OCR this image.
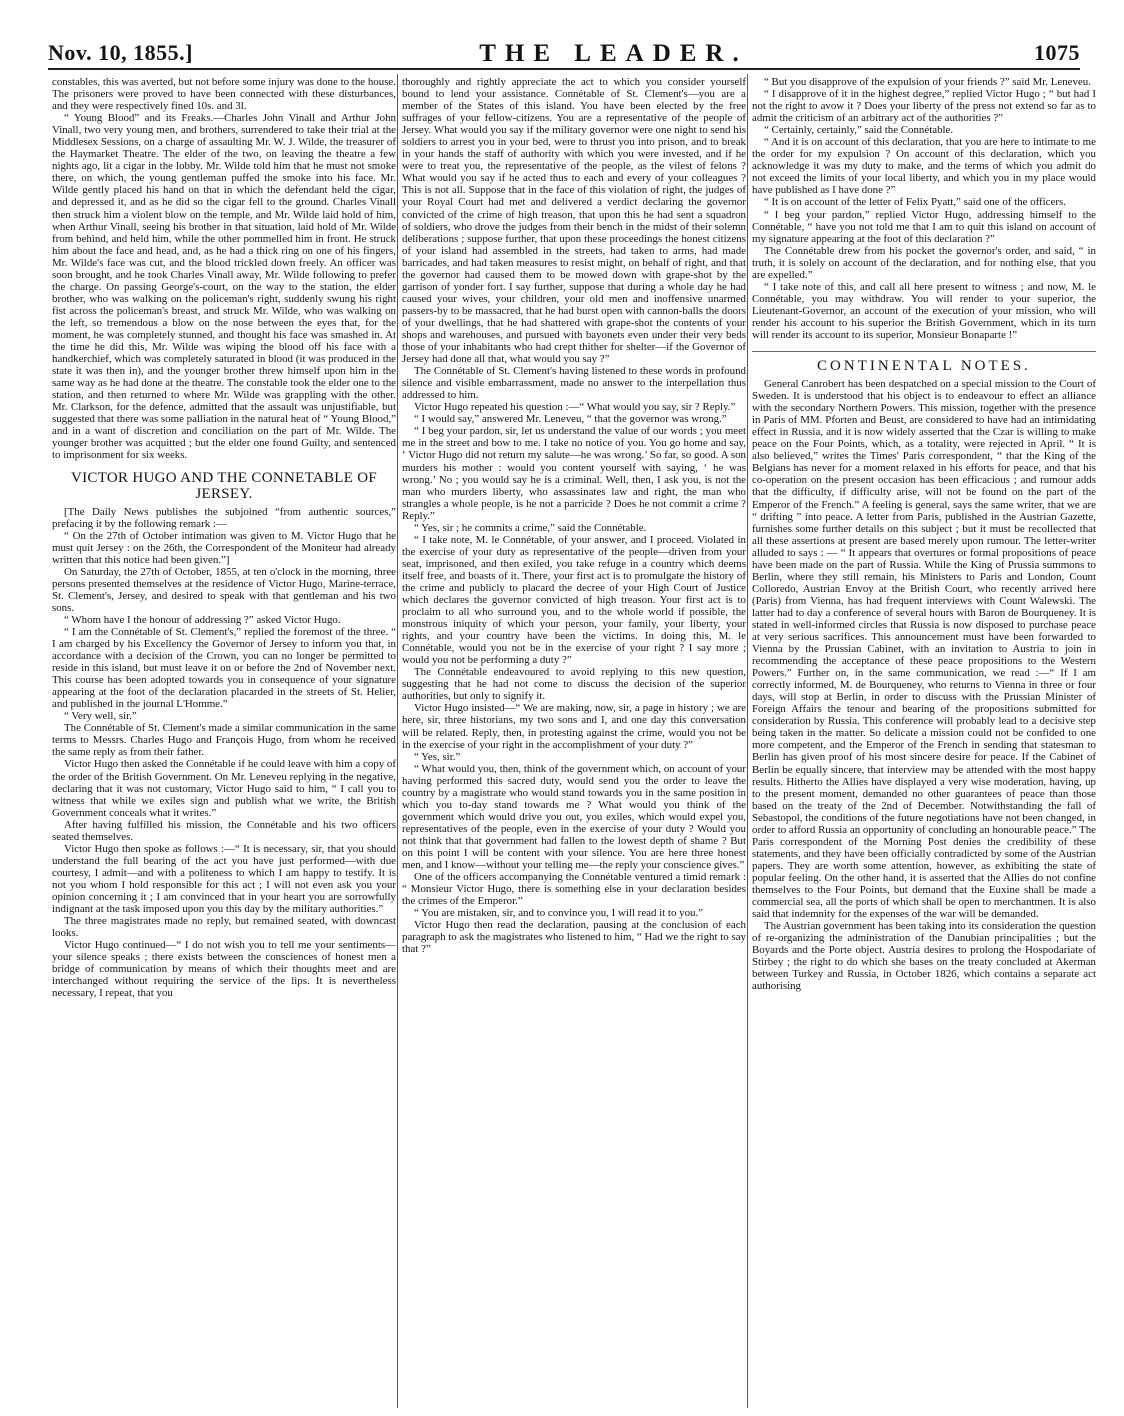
Nov. 10, 1855.]	THE LEADER.	1075

constables, this was averted, but not before some injury was done to the house. The prisoners were proved to have been connected with these disturbances, and they were respectively fined 10s. and 3l.

“ Young Blood” and its Freaks.—Charles John Vinall and Arthur John Vinall, two very young men, and brothers, surrendered to take their trial at the Middlesex Sessions, on a charge of assaulting Mr. W. J. Wilde, the treasurer of the Haymarket Theatre. The elder of the two, on leaving the theatre a few nights ago, lit a cigar in the lobby. Mr. Wilde told him that he must not smoke there, on which, the young gentleman puffed the smoke into his face. Mr. Wilde gently placed his hand on that in which the defendant held the cigar, and depressed it, and as he did so the cigar fell to the ground. Charles Vinall then struck him a violent blow on the temple, and Mr. Wilde laid hold of him, when Arthur Vinall, seeing his brother in that situation, laid hold of Mr. Wilde from behind, and held him, while the other pommelled him in front. He struck him about the face and head, and, as he had a thick ring on one of his fingers, Mr. Wilde's face was cut, and the blood trickled down freely. An officer was soon brought, and he took Charles Vinall away, Mr. Wilde following to prefer the charge. On passing George's-court, on the way to the station, the elder brother, who was walking on the policeman's right, suddenly swung his right fist across the policeman's breast, and struck Mr. Wilde, who was walking on the left, so tremendous a blow on the nose between the eyes that, for the moment, he was completely stunned, and thought his face was smashed in. At the time he did this, Mr. Wilde was wiping the blood off his face with a handkerchief, which was completely saturated in blood (it was produced in the state it was then in), and the younger brother threw himself upon him in the same way as he had done at the theatre. The constable took the elder one to the station, and then returned to where Mr. Wilde was grappling with the other. Mr. Clarkson, for the defence, admitted that the assault was unjustifiable, but suggested that there was some palliation in the natural heat of “ Young Blood,” and in a want of discretion and conciliation on the part of Mr. Wilde. The younger brother was acquitted ; but the elder one found Guilty, and sentenced to imprisonment for six weeks.

VICTOR HUGO AND THE CONNETABLE OF JERSEY.

[The Daily News publishes the subjoined “from authentic sources,” prefacing it by the following remark :—

“ On the 27th of October intimation was given to M. Victor Hugo that he must quit Jersey : on the 26th, the Correspondent of the Moniteur had already written that this notice had been given.”]

On Saturday, the 27th of October, 1855, at ten o'clock in the morning, three persons presented themselves at the residence of Victor Hugo, Marine-terrace, St. Clement's, Jersey, and desired to speak with that gentleman and his two sons.

“ Whom have I the honour of addressing ?” asked Victor Hugo.

“ I am the Connétable of St. Clement's,” replied the foremost of the three. “ I am charged by his Excellency the Governor of Jersey to inform you that, in accordance with a decision of the Crown, you can no longer be permitted to reside in this island, but must leave it on or before the 2nd of November next. This course has been adopted towards you in consequence of your signature appearing at the foot of the declaration placarded in the streets of St. Helier, and published in the journal L'Homme.”

“ Very well, sir.”

The Connétable of St. Clement's made a similar communication in the same terms to Messrs. Charles Hugo and François Hugo, from whom he received the same reply as from their father.

Victor Hugo then asked the Connétable if he could leave with him a copy of the order of the British Government. On Mr. Leneveu replying in the negative, declaring that it was not customary, Victor Hugo said to him, “ I call you to witness that while we exiles sign and publish what we write, the British Government conceals what it writes.”

After having fulfilled his mission, the Connétable and his two officers seated themselves.

Victor Hugo then spoke as follows :—“ It is necessary, sir, that you should understand the full bearing of the act you have just performed—with due courtesy, I admit—and with a politeness to which I am happy to testify. It is not you whom I hold responsible for this act ; I will not even ask you your opinion concerning it ; I am convinced that in your heart you are sorrowfully indignant at the task imposed upon you this day by the military authorities.”

The three magistrates made no reply, but remained seated, with downcast looks.

Victor Hugo continued—“ I do not wish you to tell me your sentiments—your silence speaks ; there exists between the consciences of honest men a bridge of communication by means of which their thoughts meet and are interchanged without requiring the service of the lips. It is nevertheless necessary, I repeat, that you

thoroughly and rightly appreciate the act to which you consider yourself bound to lend your assistance. Connétable of St. Clement's—you are a member of the States of this island. You have been elected by the free suffrages of your fellow-citizens. You are a representative of the people of Jersey. What would you say if the military governor were one night to send his soldiers to arrest you in your bed, were to thrust you into prison, and to break in your hands the staff of authority with which you were invested, and if he were to treat you, the representative of the people, as the vilest of felons ? What would you say if he acted thus to each and every of your colleagues ? This is not all. Suppose that in the face of this violation of right, the judges of your Royal Court had met and delivered a verdict declaring the governor convicted of the crime of high treason, that upon this he had sent a squadron of soldiers, who drove the judges from their bench in the midst of their solemn deliberations ; suppose further, that upon these proceedings the honest citizens of your island had assembled in the streets, had taken to arms, had made barricades, and had taken measures to resist might, on behalf of right, and that the governor had caused them to be mowed down with grape-shot by the garrison of yonder fort. I say further, suppose that during a whole day he had caused your wives, your children, your old men and inoffensive unarmed passers-by to be massacred, that he had burst open with cannon-balls the doors of your dwellings, that he had shattered with grape-shot the contents of your shops and warehouses, and pursued with bayonets even under their very beds those of your inhabitants who had crept thither for shelter—if the Governor of Jersey had done all that, what would you say ?”

The Connétable of St. Clement's having listened to these words in profound silence and visible embarrassment, made no answer to the interpellation thus addressed to him.

Victor Hugo repeated his question :—“ What would you say, sir ? Reply.”

“ I would say,” answered Mr. Leneveu, “ that the governor was wrong.”

“ I beg your pardon, sir, let us understand the value of our words ; you meet me in the street and bow to me. I take no notice of you. You go home and say, ‘ Victor Hugo did not return my salute—he was wrong.’ So far, so good. A son murders his mother : would you content yourself with saying, ‘ he was wrong.’ No ; you would say he is a criminal. Well, then, I ask you, is not the man who murders liberty, who assassinates law and right, the man who strangles a whole people, is he not a parricide ? Does he not commit a crime ? Reply.”

“ Yes, sir ; he commits a crime,” said the Connétable.

“ I take note, M. le Connétable, of your answer, and I proceed. Violated in the exercise of your duty as representative of the people—driven from your seat, imprisoned, and then exiled, you take refuge in a country which deems itself free, and boasts of it. There, your first act is to promulgate the history of the crime and publicly to placard the decree of your High Court of Justice which declares the governor convicted of high treason. Your first act is to proclaim to all who surround you, and to the whole world if possible, the monstrous iniquity of which your person, your family, your liberty, your rights, and your country have been the victims. In doing this, M. le Connétable, would you not be in the exercise of your right ? I say more ; would you not be performing a duty ?”

The Connétable endeavoured to avoid replying to this new question, suggesting that he had not come to discuss the decision of the superior authorities, but only to signify it.

Victor Hugo insisted—“ We are making, now, sir, a page in history ; we are here, sir, three historians, my two sons and I, and one day this conversation will be related. Reply, then, in protesting against the crime, would you not be in the exercise of your right in the accomplishment of your duty ?”

“ Yes, sir.”

“ What would you, then, think of the government which, on account of your having performed this sacred duty, would send you the order to leave the country by a magistrate who would stand towards you in the same position in which you to-day stand towards me ? What would you think of the government which would drive you out, you exiles, which would expel you, representatives of the people, even in the exercise of your duty ? Would you not think that that government had fallen to the lowest depth of shame ? But on this point I will be content with your silence. You are here three honest men, and I know—without your telling me—the reply your conscience gives.”

One of the officers accompanying the Connétable ventured a timid remark : “ Monsieur Victor Hugo, there is something else in your declaration besides the crimes of the Emperor.”

“ You are mistaken, sir, and to convince you, I will read it to you.”

Victor Hugo then read the declaration, pausing at the conclusion of each paragraph to ask the magistrates who listened to him, “ Had we the right to say that ?”

“ But you disapprove of the expulsion of your friends ?” said Mr. Leneveu.

“ I disapprove of it in the highest degree,” replied Victor Hugo ; “ but had I not the right to avow it ? Does your liberty of the press not extend so far as to admit the criticism of an arbitrary act of the authorities ?”

“ Certainly, certainly,” said the Connétable.

“ And it is on account of this declaration, that you are here to intimate to me the order for my expulsion ? On account of this declaration, which you acknowledge it was my duty to make, and the terms of which you admit do not exceed the limits of your local liberty, and which you in my place would have published as I have done ?”

“ It is on account of the letter of Felix Pyatt,” said one of the officers.

“ I beg your pardon,” replied Victor Hugo, addressing himself to the Connétable, “ have you not told me that I am to quit this island on account of my signature appearing at the foot of this declaration ?”

The Connétable drew from his pocket the governor's order, and said, “ in truth, it is solely on account of the declaration, and for nothing else, that you are expelled.”

“ I take note of this, and call all here present to witness ; and now, M. le Connétable, you may withdraw. You will render to your superior, the Lieutenant-Governor, an account of the execution of your mission, who will render his account to his superior the British Government, which in its turn will render its account to its superior, Monsieur Bonaparte !”

CONTINENTAL NOTES.

General Canrobert has been despatched on a special mission to the Court of Sweden. It is understood that his object is to endeavour to effect an alliance with the secondary Northern Powers. This mission, together with the presence in Paris of MM. Pforten and Beust, are considered to have had an intimidating effect in Russia, and it is now widely asserted that the Czar is willing to make peace on the Four Points, which, as a totality, were rejected in April. “ It is also believed,” writes the Times' Paris correspondent, “ that the King of the Belgians has never for a moment relaxed in his efforts for peace, and that his co-operation on the present occasion has been efficacious ; and rumour adds that the difficulty, if difficulty arise, will not be found on the part of the Emperor of the French.” A feeling is general, says the same writer, that we are “ drifting ” into peace. A letter from Paris, published in the Austrian Gazette, furnishes some further details on this subject ; but it must be recollected that all these assertions at present are based merely upon rumour. The letter-writer alluded to says : — “ It appears that overtures or formal propositions of peace have been made on the part of Russia. While the King of Prussia summons to Berlin, where they still remain, his Ministers to Paris and London, Count Colloredo, Austrian Envoy at the British Court, who recently arrived here (Paris) from Vienna, has had frequent interviews with Count Walewski. The latter had to day a conference of several hours with Baron de Bourqueney. It is stated in well-informed circles that Russia is now disposed to purchase peace at very serious sacrifices. This announcement must have been forwarded to Vienna by the Prussian Cabinet, with an invitation to Austria to join in recommending the acceptance of these peace propositions to the Western Powers.” Further on, in the same communication, we read :—“ If I am correctly informed, M. de Bourqueney, who returns to Vienna in three or four days, will stop at Berlin, in order to discuss with the Prussian Minister of Foreign Affairs the tenour and bearing of the propositions submitted for consideration by Russia. This conference will probably lead to a decisive step being taken in the matter. So delicate a mission could not be confided to one more competent, and the Emperor of the French in sending that statesman to Berlin has given proof of his most sincere desire for peace. If the Cabinet of Berlin be equally sincere, that interview may be attended with the most happy results. Hitherto the Allies have displayed a very wise moderation, having, up to the present moment, demanded no other guarantees of peace than those based on the treaty of the 2nd of December. Notwithstanding the fall of Sebastopol, the conditions of the future negotiations have not been changed, in order to afford Russia an opportunity of concluding an honourable peace.” The Paris correspondent of the Morning Post denies the credibility of these statements, and they have been officially contradicted by some of the Austrian papers. They are worth some attention, however, as exhibiting the state of popular feeling. On the other hand, it is asserted that the Allies do not confine themselves to the Four Points, but demand that the Euxine shall be made a commercial sea, all the ports of which shall be open to merchantmen. It is also said that indemnity for the expenses of the war will be demanded.

The Austrian government has been taking into its consideration the question of re-organizing the administration of the Danubian principalities ; but the Boyards and the Porte object. Austria desires to prolong the Hospodariate of Stirbey ; the right to do which she bases on the treaty concluded at Akerman between Turkey and Russia, in October 1826, which contains a separate act authorising
